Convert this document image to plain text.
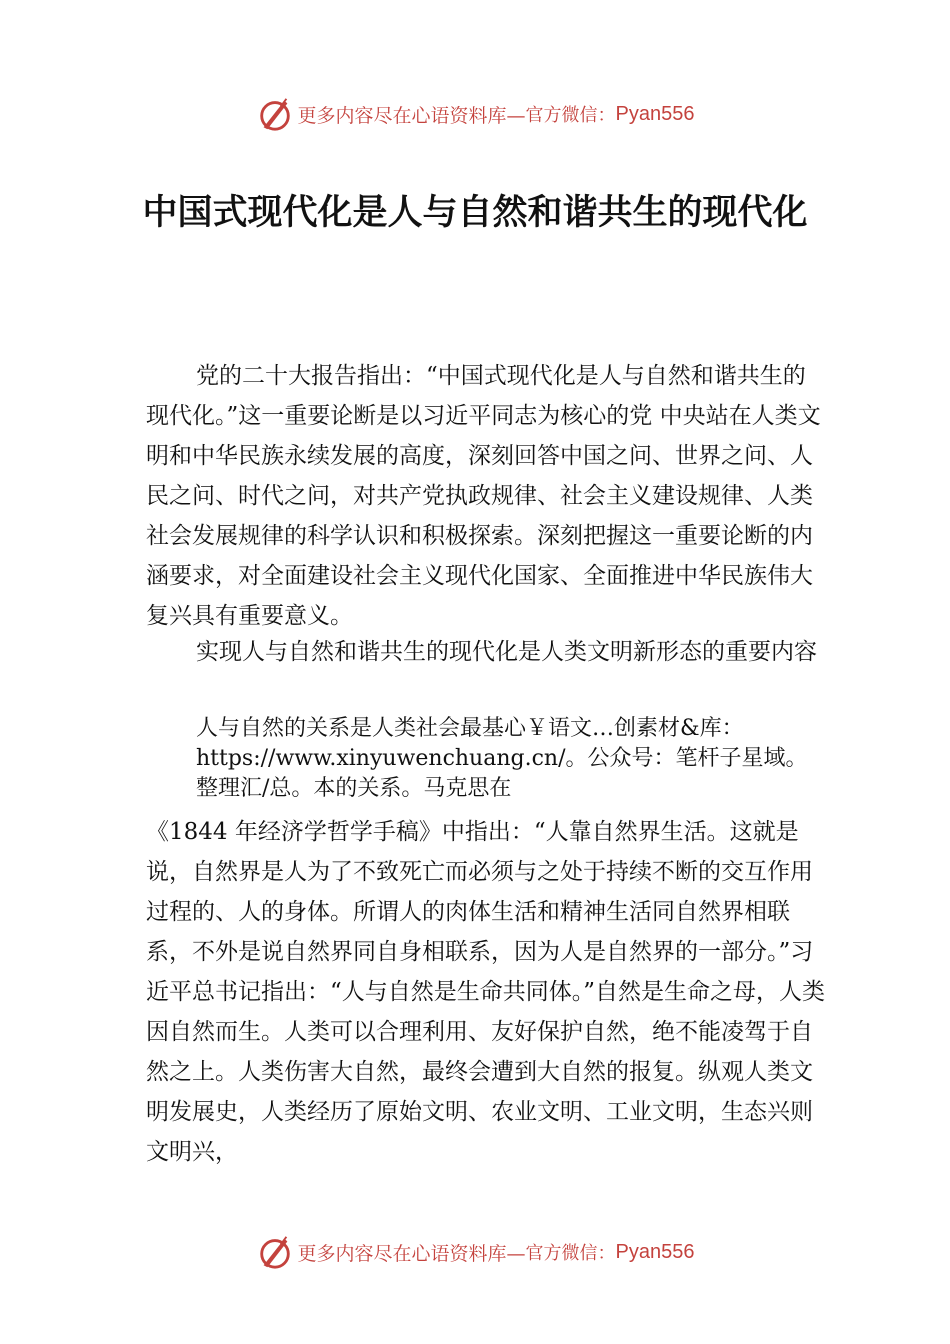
更多内容尽在心语资料库— 官方微信： Pyan556
中国式现代化是人与自然和谐共生的现代化

党的二十大报告指出：“中国式现代化是人与自然和谐共生的现代化。”这一重要论断是以习近平同志为核心的党 中央站在人类文明和中华民族永续发展的高度，深刻回答中国之问、世界之问、人民之问、时代之问，对共产党执政规律、社会主义建设规律、人类社会发展规律的科学认识和积极探索。深刻把握这一重要论断的内涵要求，对全面建设社会主义现代化国家、全面推进中华民族伟大复兴具有重要意义。

实现人与自然和谐共生的现代化是人类文明新形态的重要内容

人与自然的关系是人类社会最基心￥语文…创素材&库：
https://www.xinyuwenchuang.cn/。公众号：笔杆子星域。
整理汇/总。本的关系。马克思在

《1844 年经济学哲学手稿》中指出：“人靠自然界生活。这就是说，自然界是人为了不致死亡而必须与之处于持续不断的交互作用过程的、人的身体。所谓人的肉体生活和精神生活同自然界相联系，不外是说自然界同自身相联系，因为人是自然界的一部分。”习近平总书记指出：“人与自然是生命共同体。”自然是生命之母，人类因自然而生。人类可以合理利用、友好保护自然，绝不能凌驾于自然之上。人类伤害大自然，最终会遭到大自然的报复。纵观人类文明发展史，人类经历了原始文明、农业文明、工业文明，生态兴则文明兴，

更多内容尽在心语资料库— 官方微信： Pyan556
